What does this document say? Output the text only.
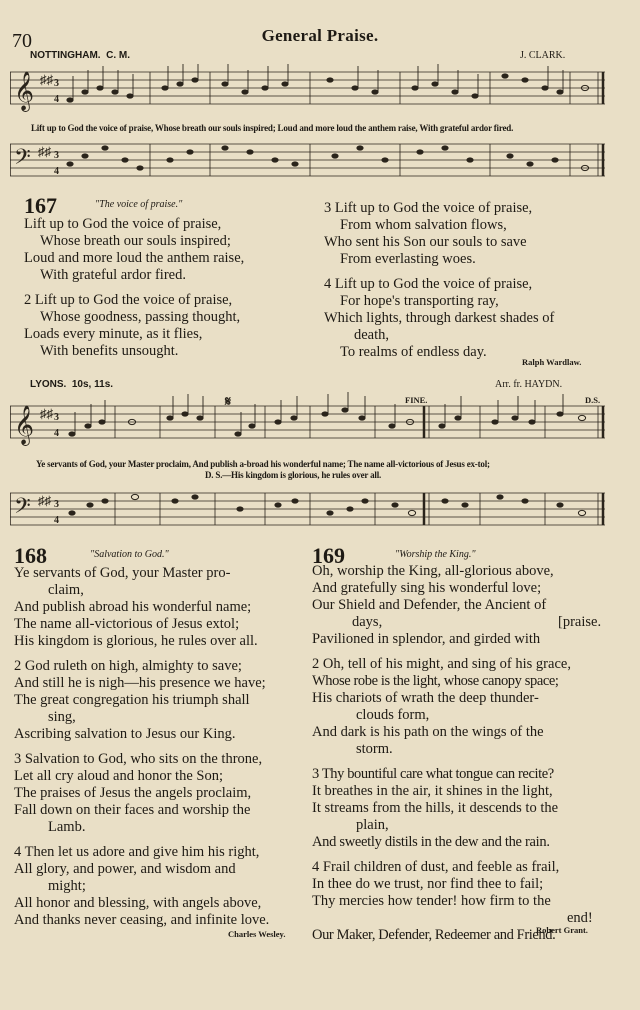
70	General Praise.
NOTTINGHAM. C. M.	J. CLARK.
𝄞 ♯♯ 3
4
Lift up to God the voice of praise, Whose breath our souls inspired; Loud and more loud the anthem raise, With grateful ardor fired.
𝄢 ♯♯ 3
4
167	"The voice of praise."
Lift up to God the voice of praise,
Whose breath our souls inspired;
Loud and more loud the anthem raise,
With grateful ardor fired.
2 Lift up to God the voice of praise,
Whose goodness, passing thought,
Loads every minute, as it flies,
With benefits unsought.
3 Lift up to God the voice of praise,
From whom salvation flows,
Who sent his Son our souls to save
From everlasting woes.
4 Lift up to God the voice of praise,
For hope's transporting ray,
Which lights, through darkest shades of
death,
To realms of endless day.
Ralph Wardlaw.
LYONS. 10s, 11s.	Arr. fr. HAYDN.
𝄞 ♯♯ 3
4
𝄋	FINE.	D.S.
Ye servants of God, your Master proclaim, And publish a-broad his wonderful name; The name all-victorious of Jesus ex-tol;
D. S.—His kingdom is glorious, he rules over all.
𝄢 ♯♯ 3
4
168	"Salvation to God."
Ye servants of God, your Master pro-
claim,
And publish abroad his wonderful name;
The name all-victorious of Jesus extol;
His kingdom is glorious, he rules over all.
2 God ruleth on high, almighty to save;
And still he is nigh—his presence we have;
The great congregation his triumph shall
sing,
Ascribing salvation to Jesus our King.
3 Salvation to God, who sits on the throne,
Let all cry aloud and honor the Son;
The praises of Jesus the angels proclaim,
Fall down on their faces and worship the
Lamb.
4 Then let us adore and give him his right,
All glory, and power, and wisdom and
might;
All honor and blessing, with angels above,
And thanks never ceasing, and infinite love.
Charles Wesley.
169	"Worship the King."
Oh, worship the King, all-glorious above,
And gratefully sing his wonderful love;
Our Shield and Defender, the Ancient of
days,	[praise.
Pavilioned in splendor, and girded with
2 Oh, tell of his might, and sing of his grace,
Whose robe is the light, whose canopy space;
His chariots of wrath the deep thunder-
clouds form,
And dark is his path on the wings of the
storm.
3 Thy bountiful care what tongue can recite?
It breathes in the air, it shines in the light,
It streams from the hills, it descends to the
plain,
And sweetly distils in the dew and the rain.
4 Frail children of dust, and feeble as frail,
In thee do we trust, nor find thee to fail;
Thy mercies how tender! how firm to the
end!
Our Maker, Defender, Redeemer and Friend.
Robert Grant.
